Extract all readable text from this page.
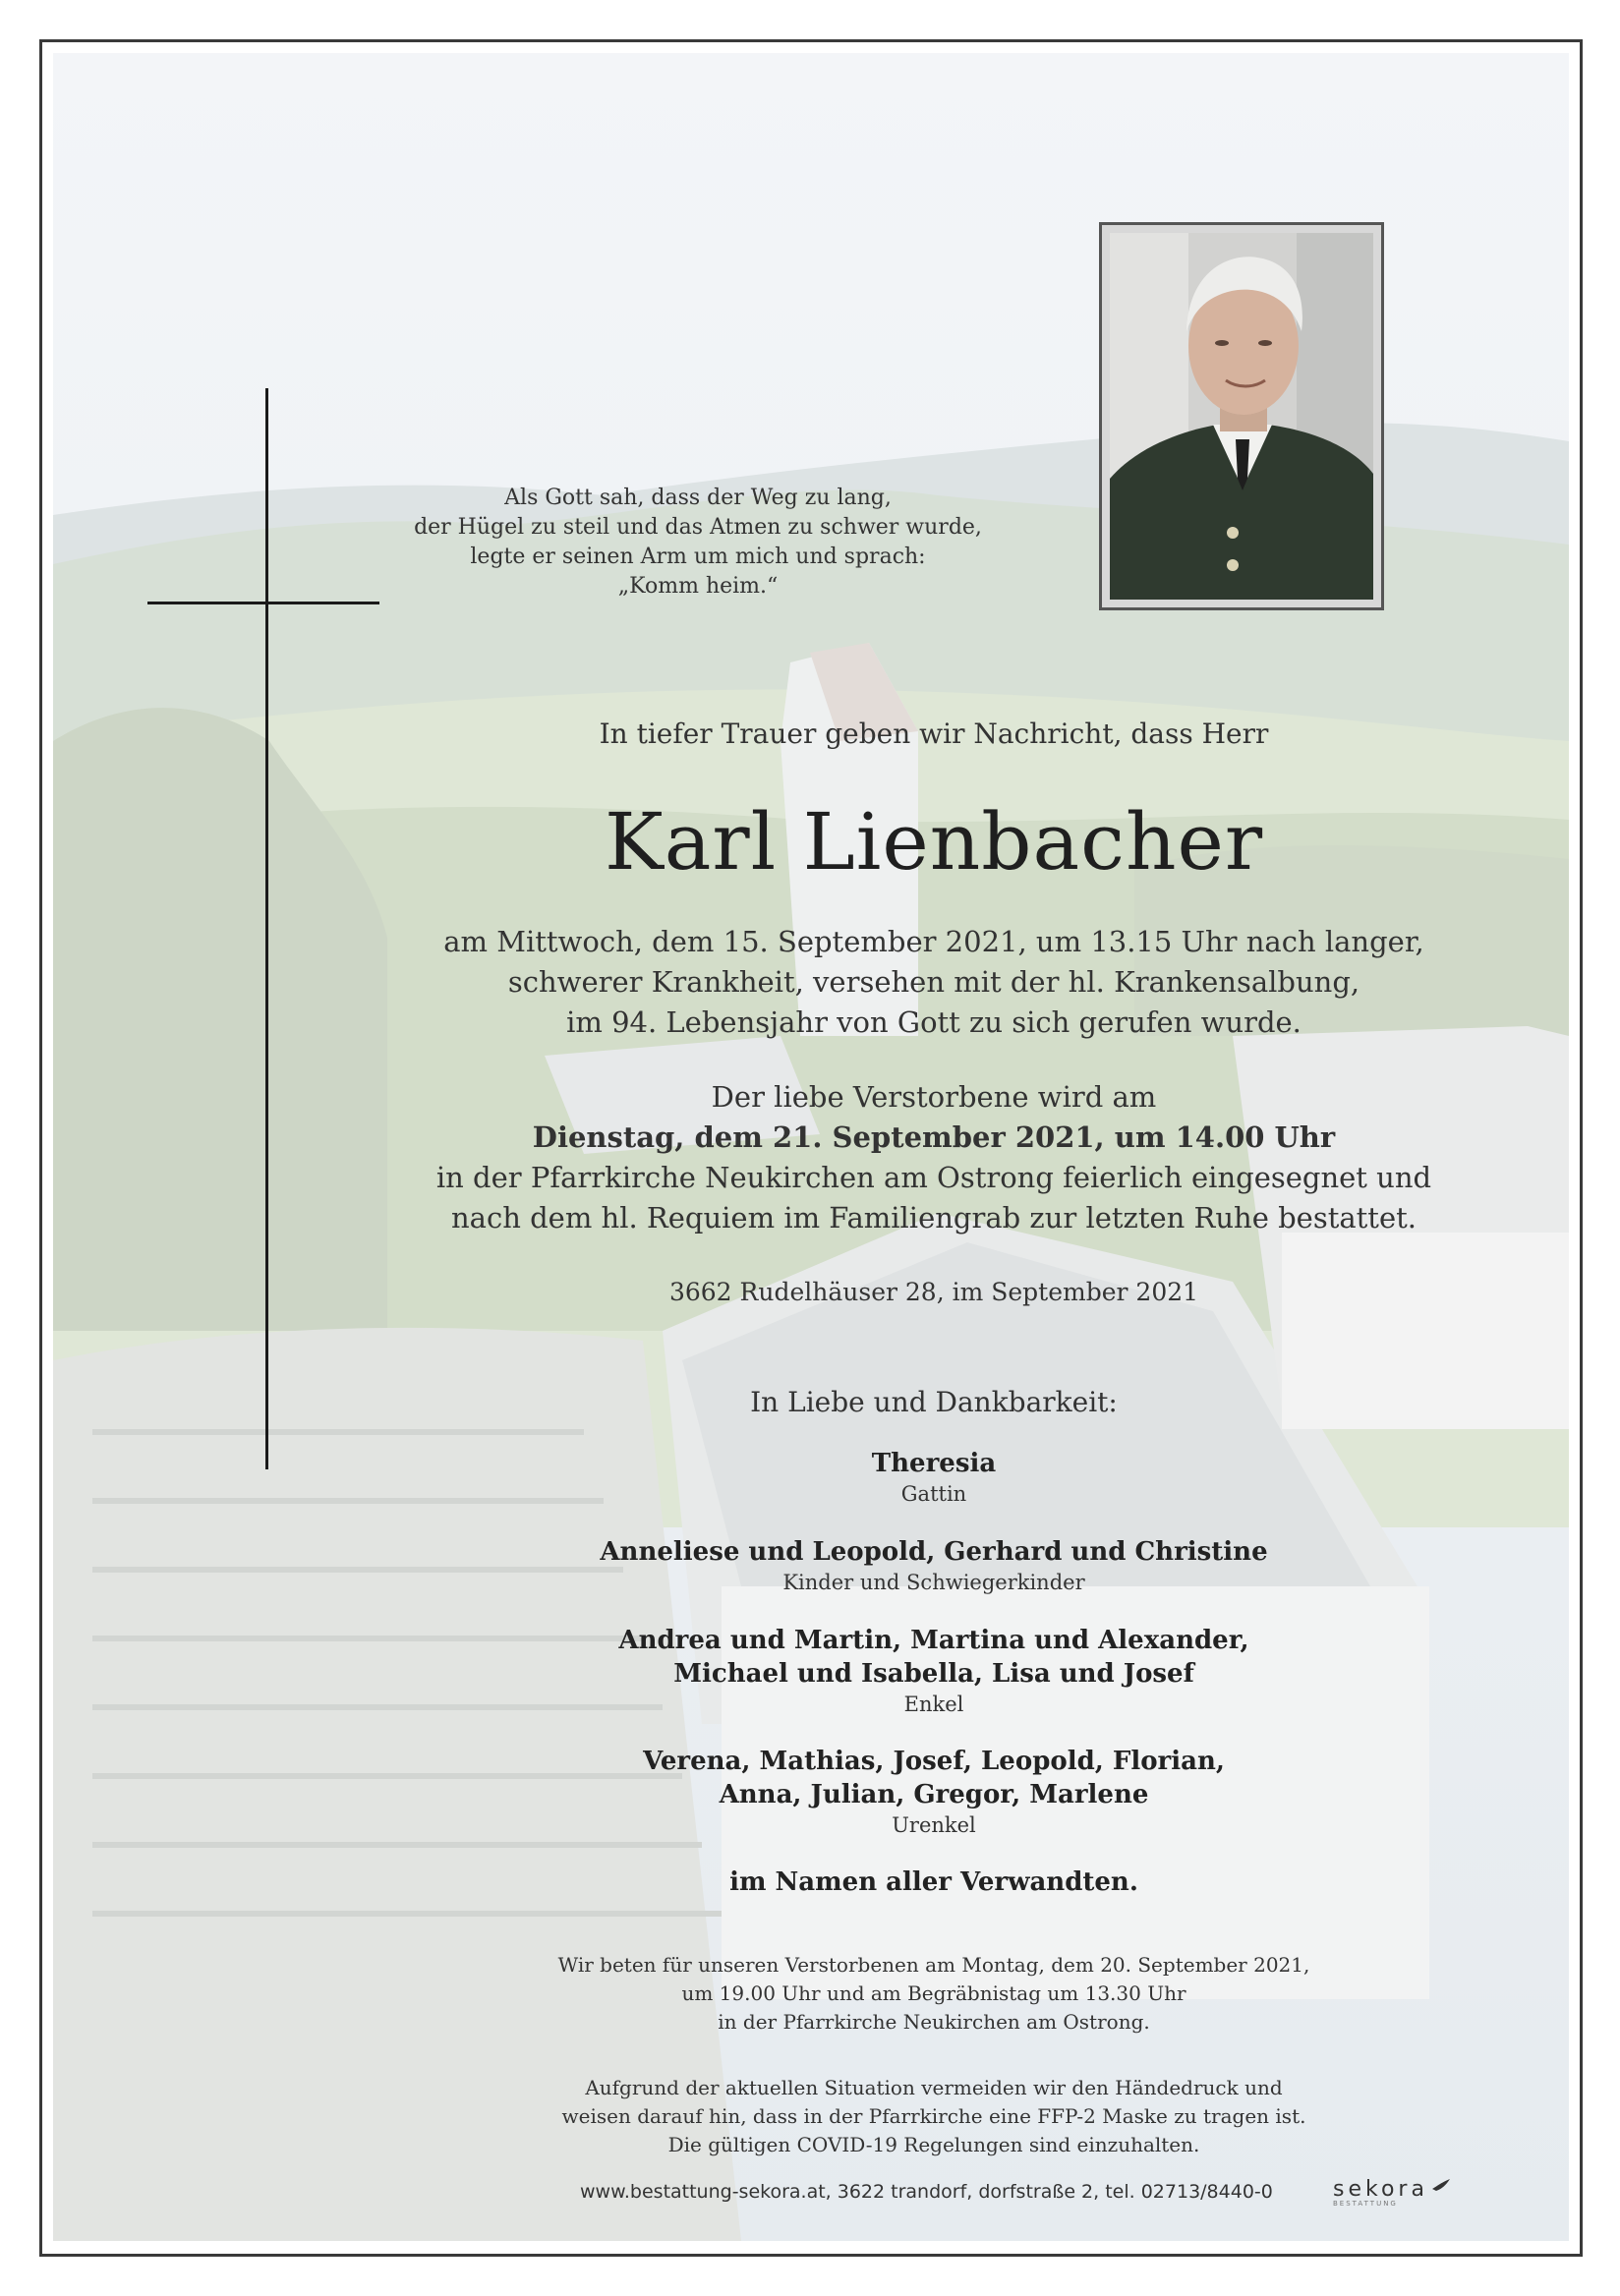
Als Gott sah, dass der Weg zu lang,
der Hügel zu steil und das Atmen zu schwer wurde,
legte er seinen Arm um mich und sprach:
„Komm heim.“
In tiefer Trauer geben wir Nachricht, dass Herr
Karl Lienbacher
am Mittwoch, dem 15. September 2021, um 13.15 Uhr nach langer,
schwerer Krankheit, versehen mit der hl. Krankensalbung,
im 94. Lebensjahr von Gott zu sich gerufen wurde.
Der liebe Verstorbene wird am
Dienstag, dem 21. September 2021, um 14.00 Uhr
in der Pfarrkirche Neukirchen am Ostrong feierlich eingesegnet und
nach dem hl. Requiem im Familiengrab zur letzten Ruhe bestattet.
3662 Rudelhäuser 28, im September 2021
In Liebe und Dankbarkeit:
Theresia
Gattin
Anneliese und Leopold, Gerhard und Christine
Kinder und Schwiegerkinder
Andrea und Martin, Martina und Alexander,
Michael und Isabella, Lisa und Josef
Enkel
Verena, Mathias, Josef, Leopold, Florian,
Anna, Julian, Gregor, Marlene
Urenkel
im Namen aller Verwandten.
Wir beten für unseren Verstorbenen am Montag, dem 20. September 2021,
um 19.00 Uhr und am Begräbnistag um 13.30 Uhr
in der Pfarrkirche Neukirchen am Ostrong.
Aufgrund der aktuellen Situation vermeiden wir den Händedruck und
weisen darauf hin, dass in der Pfarrkirche eine FFP-2 Maske zu tragen ist.
Die gültigen COVID-19 Regelungen sind einzuhalten.
www.bestattung-sekora.at, 3622 trandorf, dorfstraße 2, tel. 02713/8440-0	sekora
BESTATTUNG
